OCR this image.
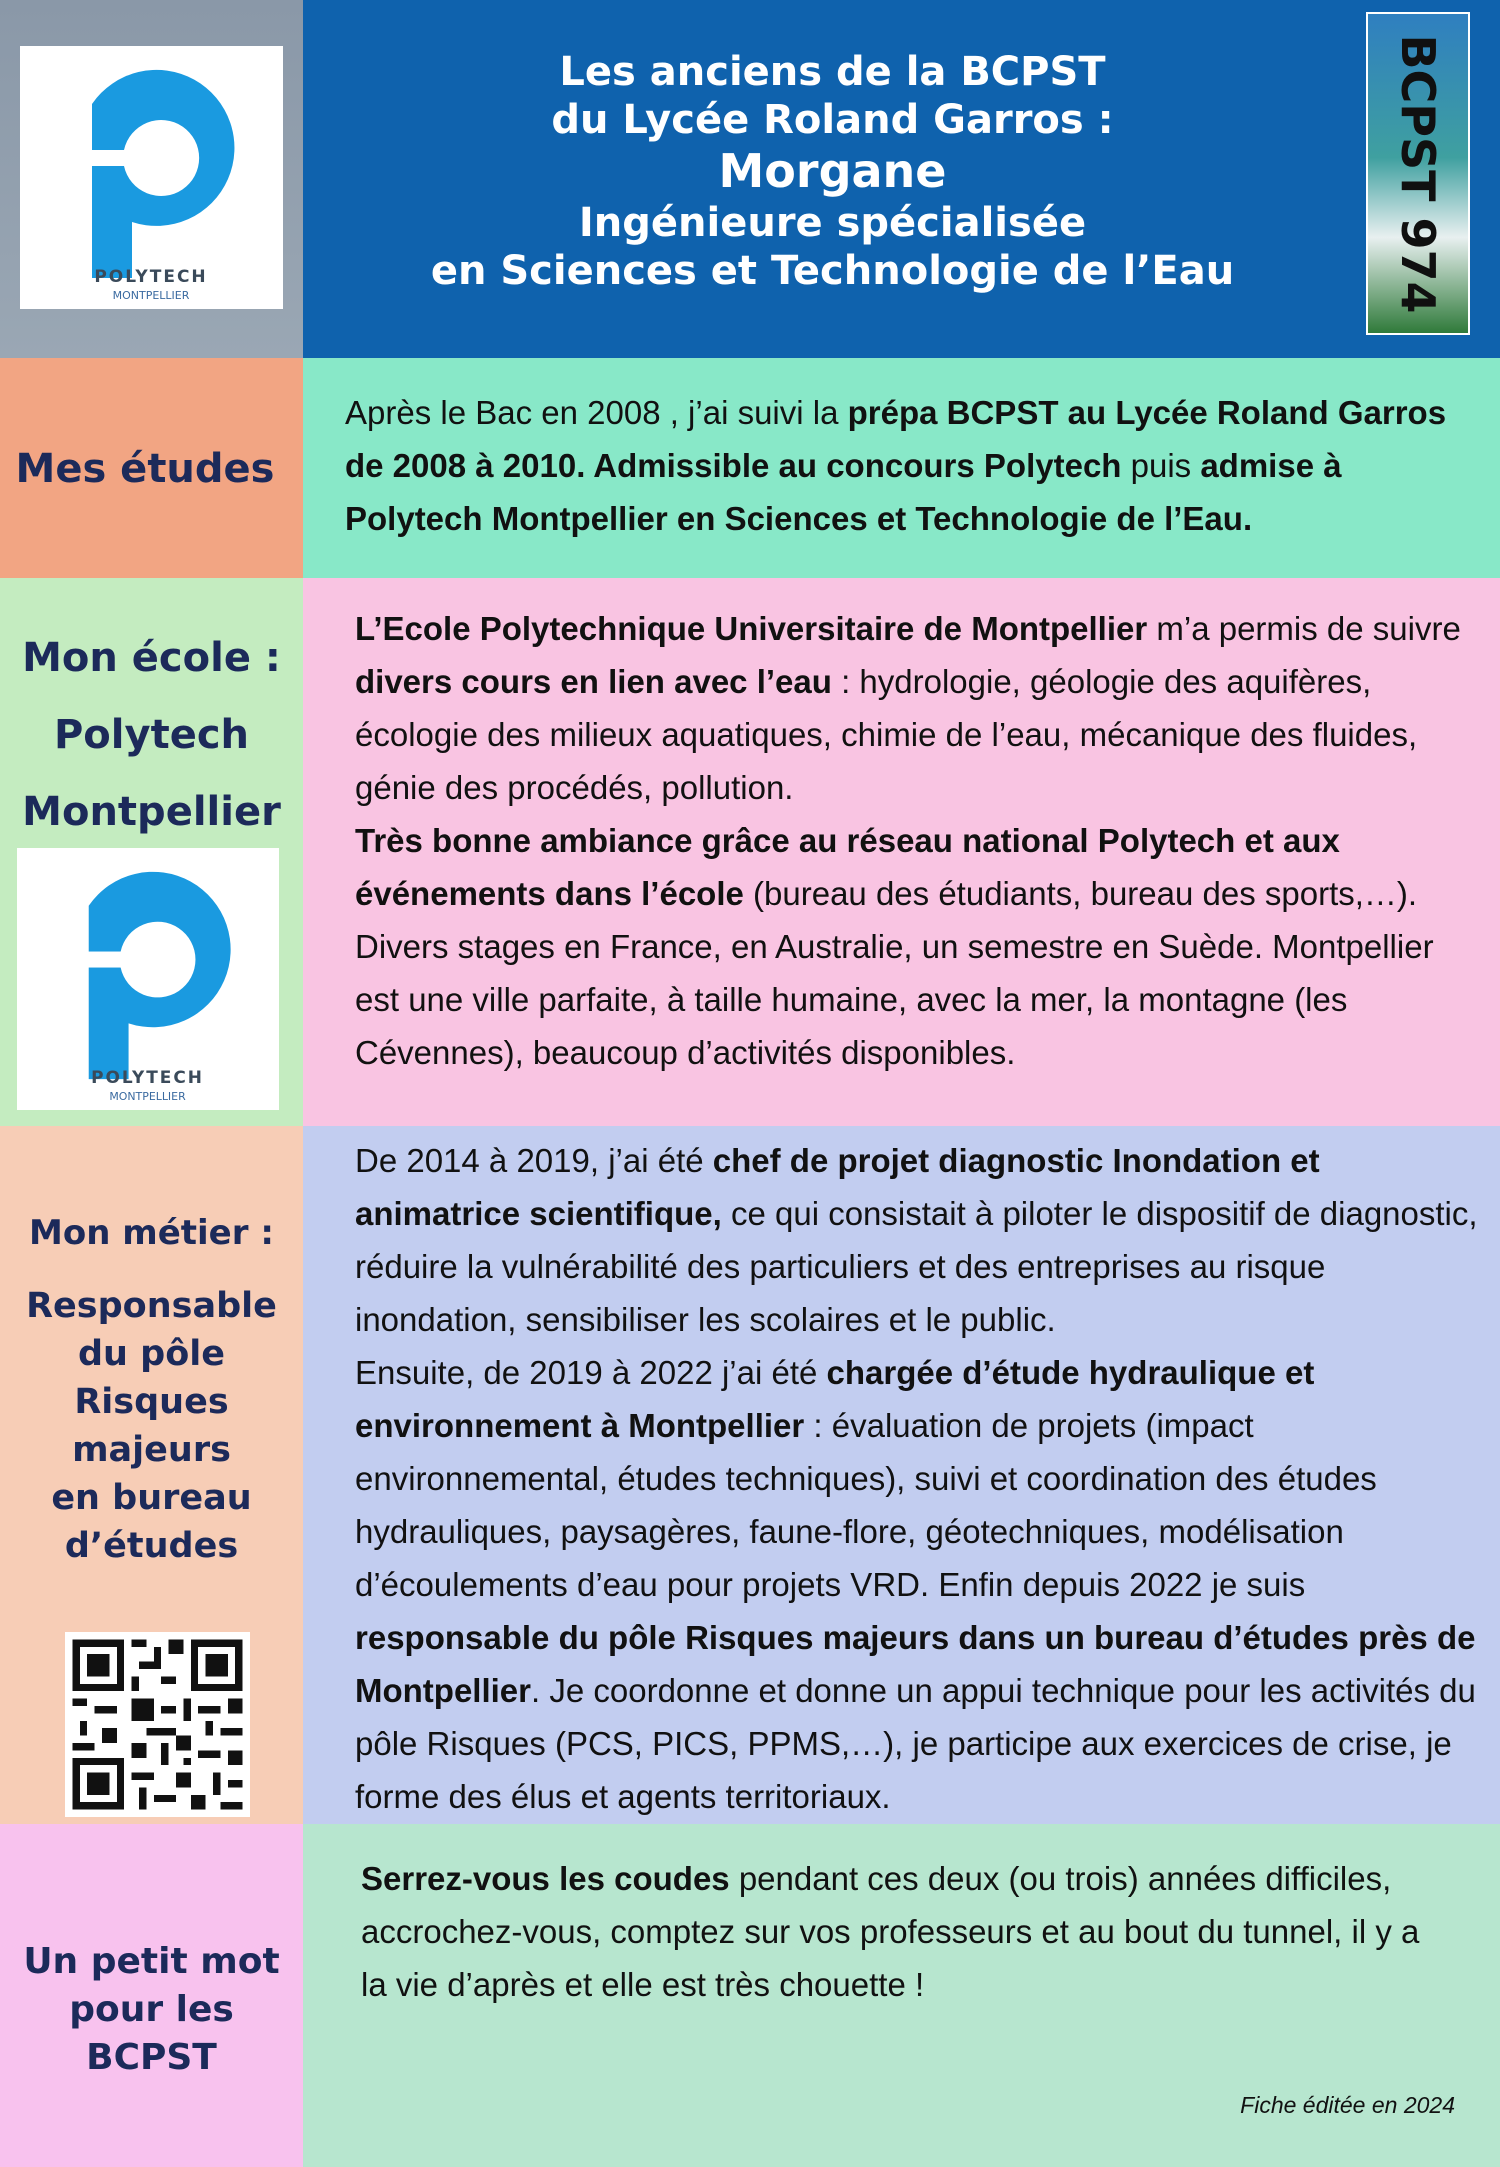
POLYTECH
MONTPELLIER
Les anciens de la BCPST
du Lycée Roland Garros :
Morgane
Ingénieure spécialisée
en Sciences et Technologie de l’Eau	BCPST 974
Mes études

Après le Bac en 2008 , j’ai suivi la prépa BCPST au Lycée Roland Garros de 2008 à 2010. Admissible au concours Polytech puis admise à Polytech Montpellier en Sciences et Technologie de l’Eau.

Mon école :
Polytech
Montpellier
POLYTECH
MONTPELLIER

L’Ecole Polytechnique Universitaire de Montpellier m’a permis de suivre divers cours en lien avec l’eau : hydrologie, géologie des aquifères, écologie des milieux aquatiques, chimie de l’eau, mécanique des fluides, génie des procédés, pollution.

Très bonne ambiance grâce au réseau national Polytech et aux événements dans l’école (bureau des étudiants, bureau des sports,…). Divers stages en France, en Australie, un semestre en Suède. Montpellier est une ville parfaite, à taille humaine, avec la mer, la montagne (les Cévennes), beaucoup d’activités disponibles.

Mon métier :
Responsable
du pôle
Risques
majeurs
en bureau
d’études

De 2014 à 2019, j’ai été chef de projet diagnostic Inondation et animatrice scientifique, ce qui consistait à piloter le dispositif de diagnostic, réduire la vulnérabilité des particuliers et des entreprises au risque inondation, sensibiliser les scolaires et le public.

Ensuite, de 2019 à 2022 j’ai été chargée d’étude hydraulique et environnement à Montpellier : évaluation de projets (impact environnemental, études techniques), suivi et coordination des études hydrauliques, paysagères, faune-flore, géotechniques, modélisation d’écoulements d’eau pour projets VRD. Enfin depuis 2022 je suis responsable du pôle Risques majeurs dans un bureau d’études près de Montpellier. Je coordonne et donne un appui technique pour les activités du pôle Risques (PCS, PICS, PPMS,…), je participe aux exercices de crise, je forme des élus et agents territoriaux.

Un petit mot
pour les BCPST

Serrez-vous les coudes pendant ces deux (ou trois) années difficiles, accrochez-vous, comptez sur vos professeurs et au bout du tunnel, il y a la vie d’après et elle est très chouette !

Fiche éditée en 2024
